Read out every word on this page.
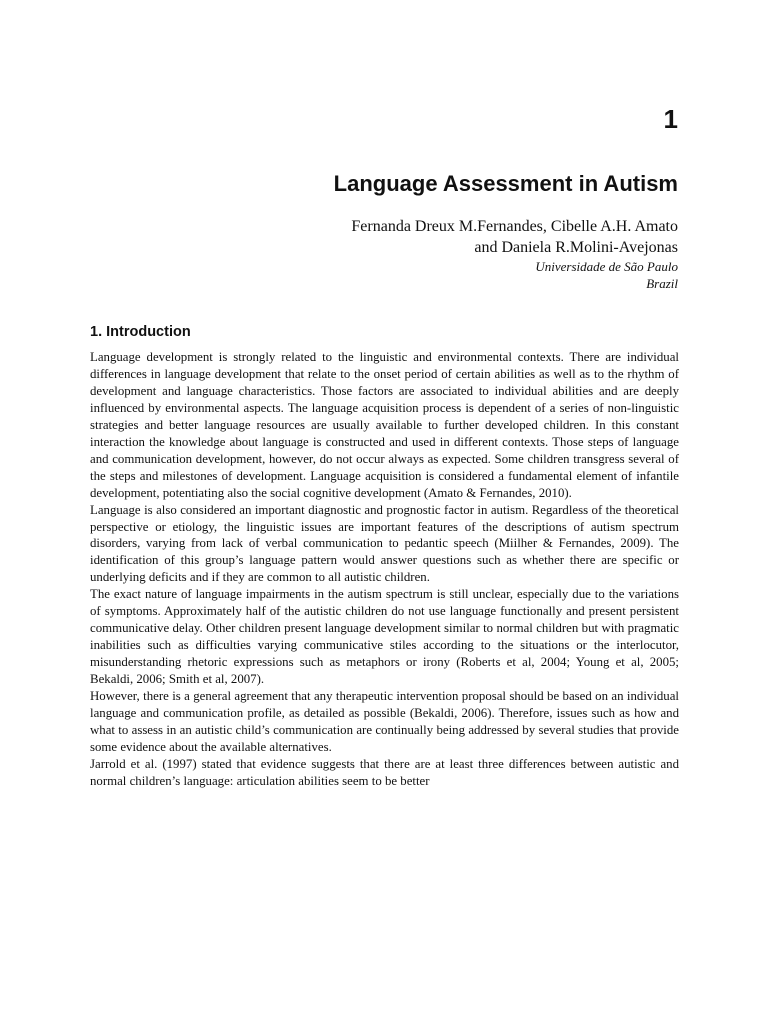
1
Language Assessment in Autism
Fernanda Dreux M.Fernandes, Cibelle A.H. Amato
and Daniela R.Molini-Avejonas
Universidade de São Paulo
Brazil
1. Introduction

Language development is strongly related to the linguistic and environmental contexts. There are individual differences in language development that relate to the onset period of certain abilities as well as to the rhythm of development and language characteristics. Those factors are associated to individual abilities and are deeply influenced by environmental aspects. The language acquisition process is dependent of a series of non-linguistic strategies and better language resources are usually available to further developed children. In this constant interaction the knowledge about language is constructed and used in different contexts. Those steps of language and communication development, however, do not occur always as expected. Some children transgress several of the steps and milestones of development. Language acquisition is considered a fundamental element of infantile development, potentiating also the social cognitive development (Amato & Fernandes, 2010).

Language is also considered an important diagnostic and prognostic factor in autism. Regardless of the theoretical perspective or etiology, the linguistic issues are important features of the descriptions of autism spectrum disorders, varying from lack of verbal communication to pedantic speech (Miilher & Fernandes, 2009). The identification of this group’s language pattern would answer questions such as whether there are specific or underlying deficits and if they are common to all autistic children.

The exact nature of language impairments in the autism spectrum is still unclear, especially due to the variations of symptoms. Approximately half of the autistic children do not use language functionally and present persistent communicative delay. Other children present language development similar to normal children but with pragmatic inabilities such as difficulties varying communicative stiles according to the situations or the interlocutor, misunderstanding rhetoric expressions such as metaphors or irony (Roberts et al, 2004; Young et al, 2005; Bekaldi, 2006; Smith et al, 2007).

However, there is a general agreement that any therapeutic intervention proposal should be based on an individual language and communication profile, as detailed as possible (Bekaldi, 2006). Therefore, issues such as how and what to assess in an autistic child’s communication are continually being addressed by several studies that provide some evidence about the available alternatives.

Jarrold et al. (1997) stated that evidence suggests that there are at least three differences between autistic and normal children’s language: articulation abilities seem to be better
